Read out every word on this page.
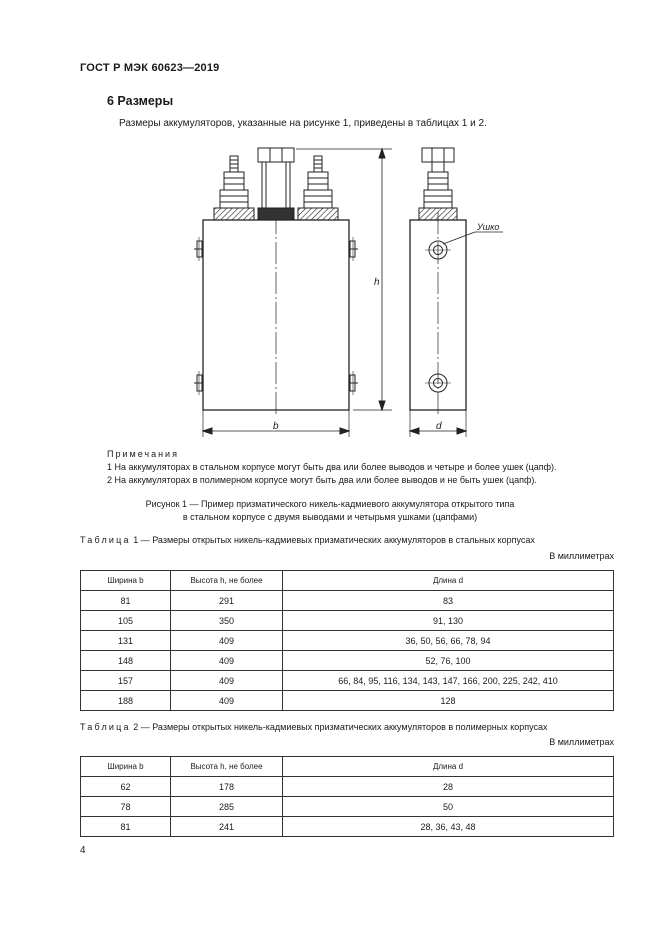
ГОСТ Р МЭК 60623—2019
6 Размеры
Размеры аккумуляторов, указанные на рисунке 1, приведены в таблицах 1 и 2.
Ушко
h
b	d
Примечания
1 На аккумуляторах в стальном корпусе могут быть два или более выводов и четыре и более ушек (цапф).
2 На аккумуляторах в полимерном корпусе могут быть два или более выводов и не быть ушек (цапф).
Рисунок 1 — Пример призматического никель-кадмиевого аккумулятора открытого типа
в стальном корпусе с двумя выводами и четырьмя ушками (цапфами)
Таблица 1 — Размеры открытых никель-кадмиевых призматических аккумуляторов в стальных корпусах
В миллиметрах
Ширина b	Высота h, не более	Длина d
81	291	83
105	350	91, 130
131	409	36, 50, 56, 66, 78, 94
148	409	52, 76, 100
157	409	66, 84, 95, 116, 134, 143, 147, 166, 200, 225, 242, 410
188	409	128
Таблица 2 — Размеры открытых никель-кадмиевых призматических аккумуляторов в полимерных корпусах
В миллиметрах
Ширина b	Высота h, не более	Длина d
62	178	28
78	285	50
81	241	28, 36, 43, 48
4
